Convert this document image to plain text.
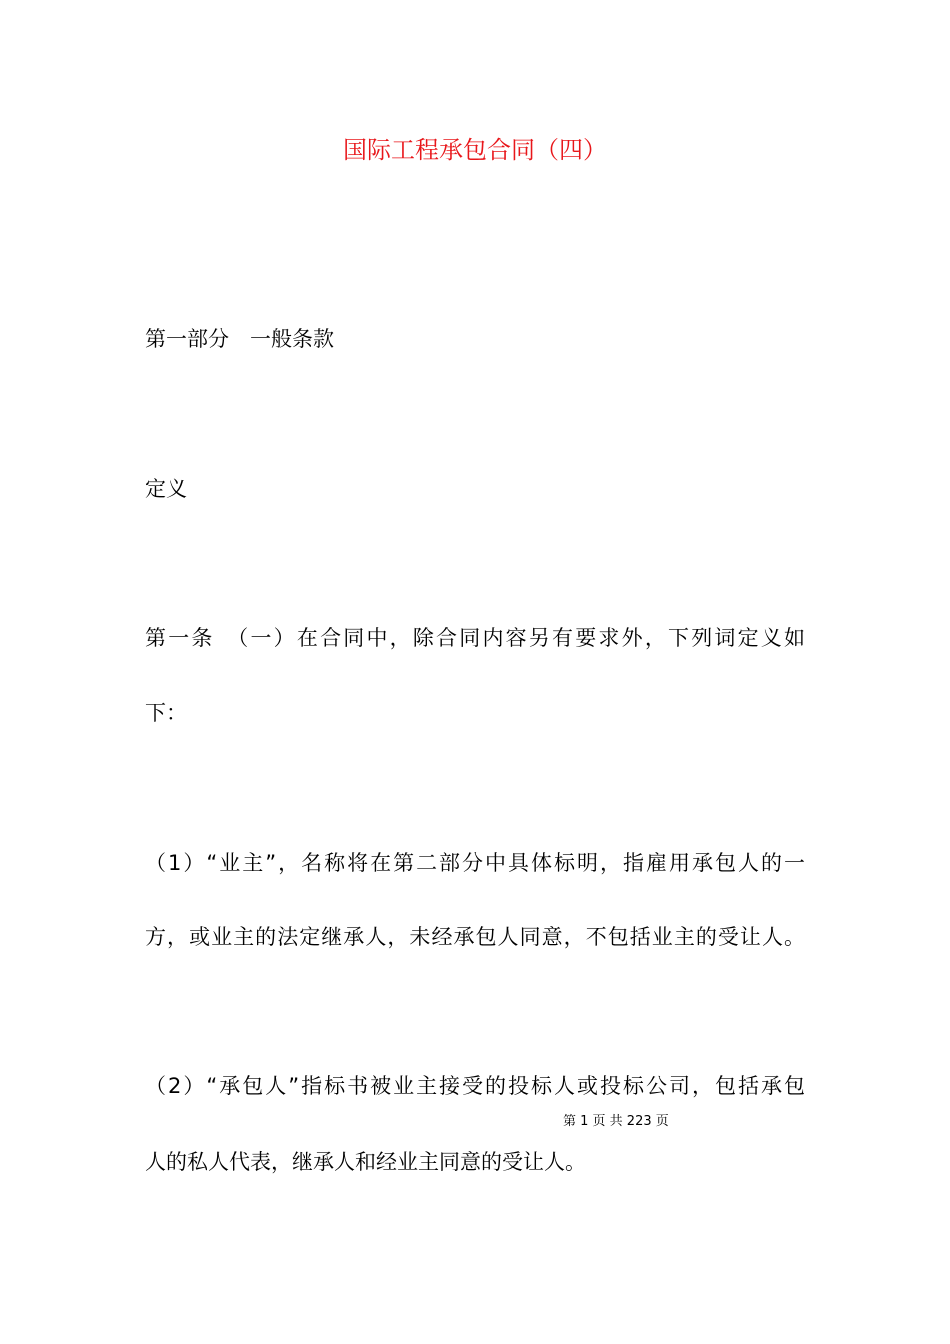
国际工程承包合同（四）
第一部分　一般条款
定义
第一条　（一）在合同中，除合同内容另有要求外，下列词定义如
下：
（1）“业主”，名称将在第二部分中具体标明，指雇用承包人的一
方，或业主的法定继承人，未经承包人同意，不包括业主的受让人。
（2）“承包人”指标书被业主接受的投标人或投标公司，包括承包
第 1 页 共 223 页
人的私人代表，继承人和经业主同意的受让人。
